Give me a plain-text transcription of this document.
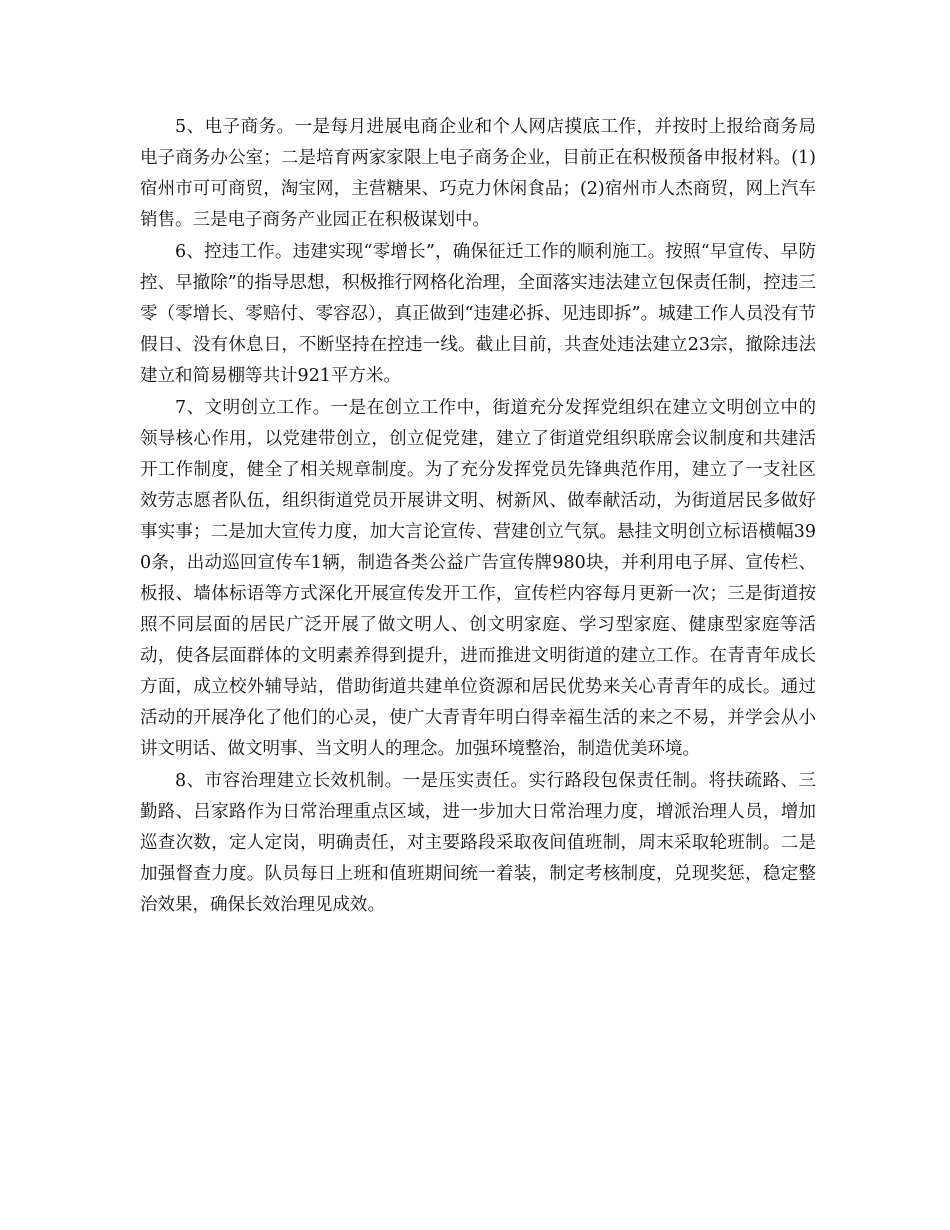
5、电子商务。一是每月进展电商企业和个人网店摸底工作，并按时上报给商务局电子商务办公室；二是培育两家家限上电子商务企业，目前正在积极预备申报材料。(1)宿州市可可商贸，淘宝网，主营糖果、巧克力休闲食品；(2)宿州市人杰商贸，网上汽车销售。三是电子商务产业园正在积极谋划中。

6、控违工作。违建实现“零增长”，确保征迁工作的顺利施工。按照“早宣传、早防控、早撤除”的指导思想，积极推行网格化治理，全面落实违法建立包保责任制，控违三零（零增长、零赔付、零容忍），真正做到“违建必拆、见违即拆”。城建工作人员没有节假日、没有休息日，不断坚持在控违一线。截止目前，共查处违法建立23宗，撤除违法建立和简易棚等共计921平方米。

7、文明创立工作。一是在创立工作中，街道充分发挥党组织在建立文明创立中的领导核心作用，以党建带创立，创立促党建，建立了街道党组织联席会议制度和共建活开工作制度，健全了相关规章制度。为了充分发挥党员先锋典范作用，建立了一支社区效劳志愿者队伍，组织街道党员开展讲文明、树新风、做奉献活动，为街道居民多做好事实事；二是加大宣传力度，加大言论宣传、营建创立气氛。悬挂文明创立标语横幅390条，出动巡回宣传车1辆，制造各类公益广告宣传牌980块，并利用电子屏、宣传栏、板报、墙体标语等方式深化开展宣传发开工作，宣传栏内容每月更新一次；三是街道按照不同层面的居民广泛开展了做文明人、创文明家庭、学习型家庭、健康型家庭等活动，使各层面群体的文明素养得到提升，进而推进文明街道的建立工作。在青青年成长方面，成立校外辅导站，借助街道共建单位资源和居民优势来关心青青年的成长。通过活动的开展净化了他们的心灵，使广大青青年明白得幸福生活的来之不易，并学会从小讲文明话、做文明事、当文明人的理念。加强环境整治，制造优美环境。

8、市容治理建立长效机制。一是压实责任。实行路段包保责任制。将扶疏路、三勤路、吕家路作为日常治理重点区域，进一步加大日常治理力度，增派治理人员，增加巡查次数，定人定岗，明确责任，对主要路段采取夜间值班制，周末采取轮班制。二是加强督查力度。队员每日上班和值班期间统一着装，制定考核制度，兑现奖惩，稳定整治效果，确保长效治理见成效。
